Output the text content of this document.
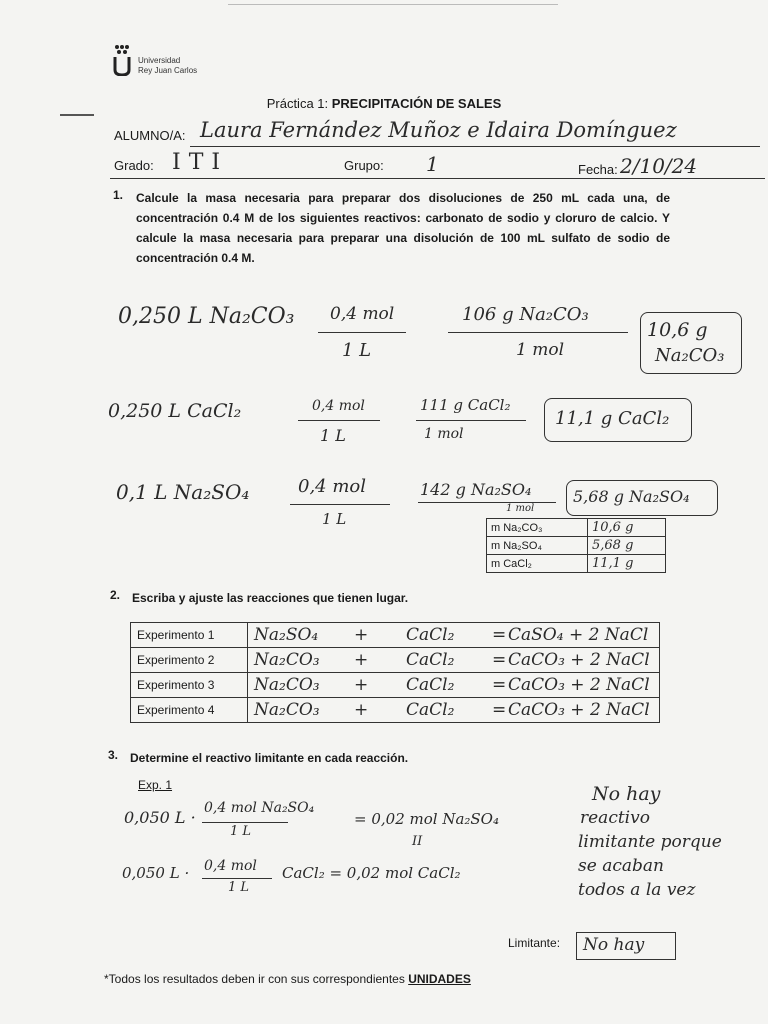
Universidad
Rey Juan Carlos
Práctica 1: PRECIPITACIÓN DE SALES
ALUMNO/A: Laura Fernández Muñoz e Idaira Domínguez
Grado: ITI	Grupo: 1	Fecha: 2/10/24
1. Calcule la masa necesaria para preparar dos disoluciones de 250 mL cada una, de concentración 0.4 M de los siguientes reactivos: carbonato de sodio y cloruro de calcio. Y calcule la masa necesaria para preparar una disolución de 100 mL sulfato de sodio de concentración 0.4 M.
0,250 L Na₂CO₃ 0,4 mol
1 L
106 g Na₂CO₃
1 mol
10,6 g
Na₂CO₃
0,250 L CaCl₂	0,4 mol
1 L
111 g CaCl₂
1 mol
11,1 g CaCl₂
0,1 L Na₂SO₄	0,4 mol
1 L
142 g Na₂SO₄
1 mol
5,68 g Na₂SO₄
m Na₂CO₃	10,6 g
m Na₂SO₄	5,68 g
m CaCl₂	11,1 g
2. Escriba y ajuste las reacciones que tienen lugar.
Experimento 1	Na₂SO₄ + CaCl₂ = CaSO₄ + 2 NaCl
Experimento 2	Na₂CO₃ + CaCl₂ = CaCO₃ + 2 NaCl
Experimento 3	Na₂CO₃ + CaCl₂ = CaCO₃ + 2 NaCl
Experimento 4	Na₂CO₃ + CaCl₂ = CaCO₃ + 2 NaCl
3. Determine el reactivo limitante en cada reacción.
Exp. 1
0,050 L · 0,4 mol Na₂SO₄
1 L
= 0,02 mol Na₂SO₄
II
0,050 L · 0,4 mol
1 L
CaCl₂ = 0,02 mol CaCl₂
No hay
reactivo
limitante porque
se acaban
todos a la vez
Limitante: No hay
*Todos los resultados deben ir con sus correspondientes UNIDADES
